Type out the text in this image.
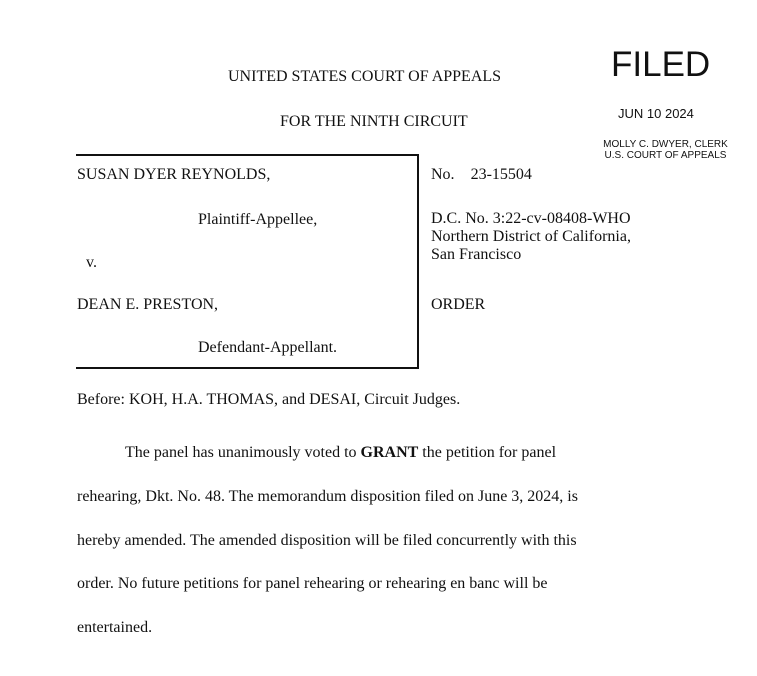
UNITED STATES COURT OF APPEALS
FOR THE NINTH CIRCUIT
FILED
JUN 10 2024
MOLLY C. DWYER, CLERK
U.S. COURT OF APPEALS
SUSAN DYER REYNOLDS,
Plaintiff-Appellee,
v.
DEAN E. PRESTON,
Defendant-Appellant.
No. 23-15504
D.C. No. 3:22-cv-08408-WHO
Northern District of California,
San Francisco
ORDER
Before: KOH, H.A. THOMAS, and DESAI, Circuit Judges.

The panel has unanimously voted to GRANT the petition for panel

rehearing, Dkt. No. 48. The memorandum disposition filed on June 3, 2024, is

hereby amended. The amended disposition will be filed concurrently with this

order. No future petitions for panel rehearing or rehearing en banc will be

entertained.
